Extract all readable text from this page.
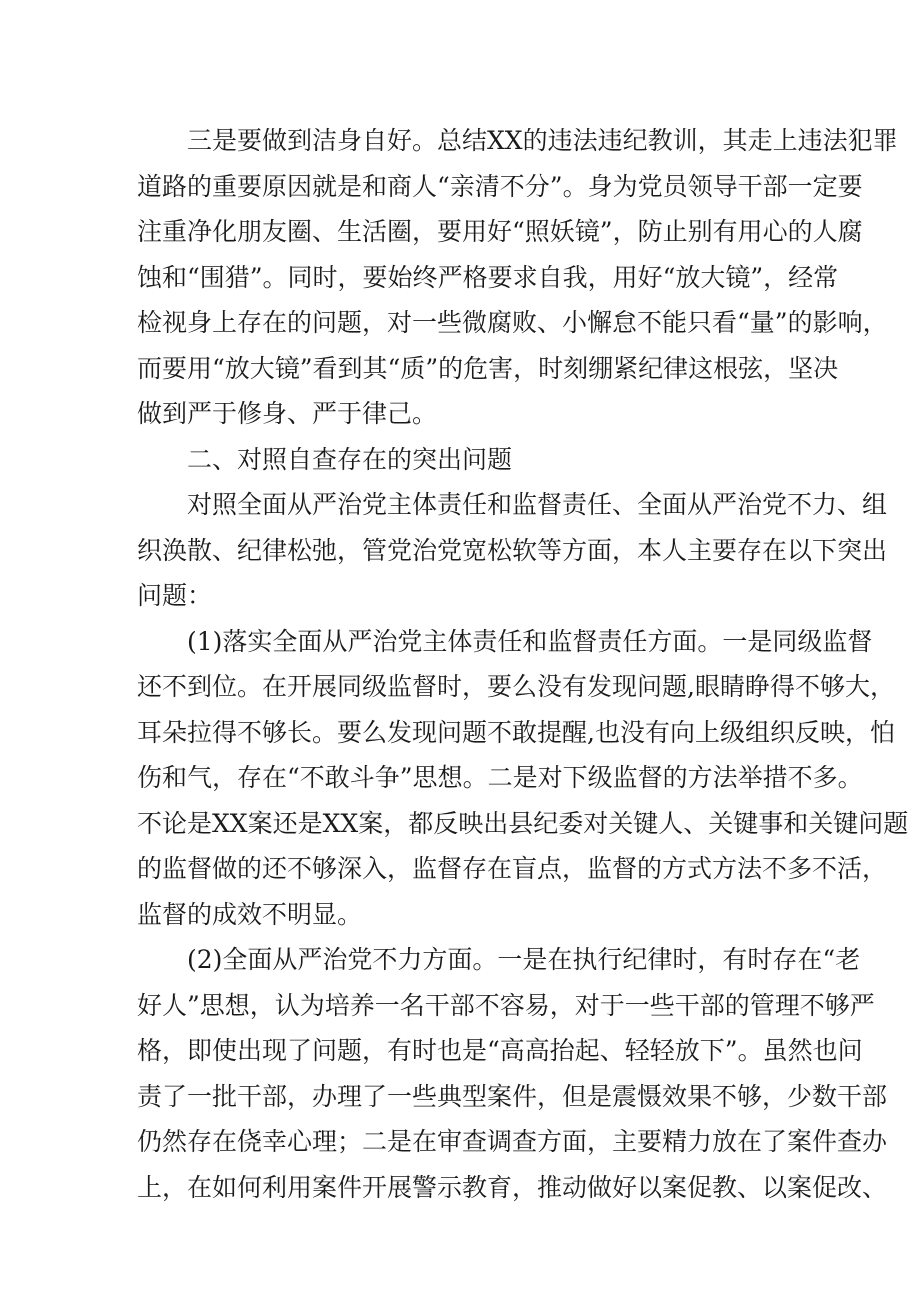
　　三是要做到洁身自好。总结XX的违法违纪教训，其走上违法犯罪
道路的重要原因就是和商人“亲清不分”。身为党员领导干部一定要
注重净化朋友圈、生活圈，要用好“照妖镜”，防止别有用心的人腐
蚀和“围猎”。同时，要始终严格要求自我，用好“放大镜”，经常
检视身上存在的问题，对一些微腐败、小懈怠不能只看“量”的影响，
而要用“放大镜”看到其“质”的危害，时刻绷紧纪律这根弦，坚决
做到严于修身、严于律己。
　　二、对照自查存在的突出问题
　　对照全面从严治党主体责任和监督责任、全面从严治党不力、组
织涣散、纪律松弛，管党治党宽松软等方面，本人主要存在以下突出
问题：
　　(1)落实全面从严治党主体责任和监督责任方面。一是同级监督
还不到位。在开展同级监督时，要么没有发现问题,眼睛睁得不够大，
耳朵拉得不够长。要么发现问题不敢提醒,也没有向上级组织反映，怕
伤和气，存在“不敢斗争”思想。二是对下级监督的方法举措不多。
不论是XX案还是XX案，都反映出县纪委对关键人、关键事和关键问题
的监督做的还不够深入，监督存在盲点，监督的方式方法不多不活，
监督的成效不明显。
　　(2)全面从严治党不力方面。一是在执行纪律时，有时存在“老
好人”思想，认为培养一名干部不容易，对于一些干部的管理不够严
格，即使出现了问题，有时也是“高高抬起、轻轻放下”。虽然也问
责了一批干部，办理了一些典型案件，但是震慑效果不够，少数干部
仍然存在侥幸心理；二是在审查调查方面，主要精力放在了案件查办
上，在如何利用案件开展警示教育，推动做好以案促教、以案促改、
